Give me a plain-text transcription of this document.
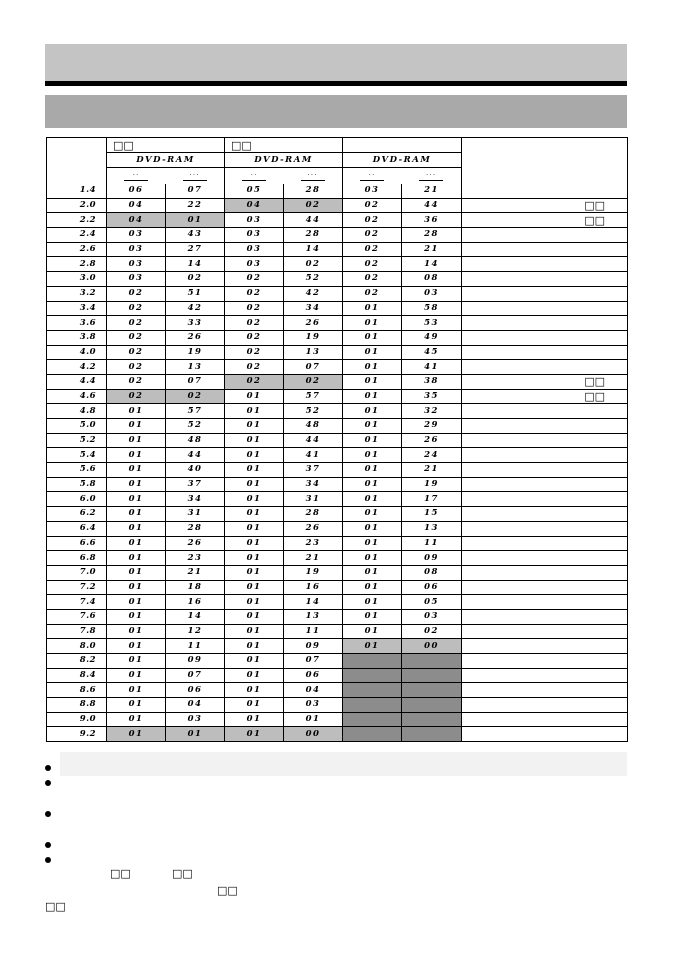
	□□		□□				
	DVD-RAM		DVD-RAM		DVD-RAM		

	··	···	··	···	··	···	

1.4	06	07	05	28	03	21	
2.0	04	22	04	02	02	44	□□
2.2	04	01	03	44	02	36	□□
2.4	03	43	03	28	02	28	
2.6	03	27	03	14	02	21	
2.8	03	14	03	02	02	14	
3.0	03	02	02	52	02	08	
3.2	02	51	02	42	02	03	
3.4	02	42	02	34	01	58	
3.6	02	33	02	26	01	53	
3.8	02	26	02	19	01	49	
4.0	02	19	02	13	01	45	
4.2	02	13	02	07	01	41	
4.4	02	07	02	02	01	38	□□
4.6	02	02	01	57	01	35	□□
4.8	01	57	01	52	01	32	
5.0	01	52	01	48	01	29	
5.2	01	48	01	44	01	26	
5.4	01	44	01	41	01	24	
5.6	01	40	01	37	01	21	
5.8	01	37	01	34	01	19	
6.0	01	34	01	31	01	17	
6.2	01	31	01	28	01	15	
6.4	01	28	01	26	01	13	
6.6	01	26	01	23	01	11	
6.8	01	23	01	21	01	09	
7.0	01	21	01	19	01	08	
7.2	01	18	01	16	01	06	
7.4	01	16	01	14	01	05	
7.6	01	14	01	13	01	03	
7.8	01	12	01	11	01	02	
8.0	01	11	01	09	01	00	
8.2	01	09	01	07			
8.4	01	07	01	06			
8.6	01	06	01	04			
8.8	01	04	01	03			
9.0	01	03	01	01			
9.2	01	01	01	00			
□□	□□
□□
□□
